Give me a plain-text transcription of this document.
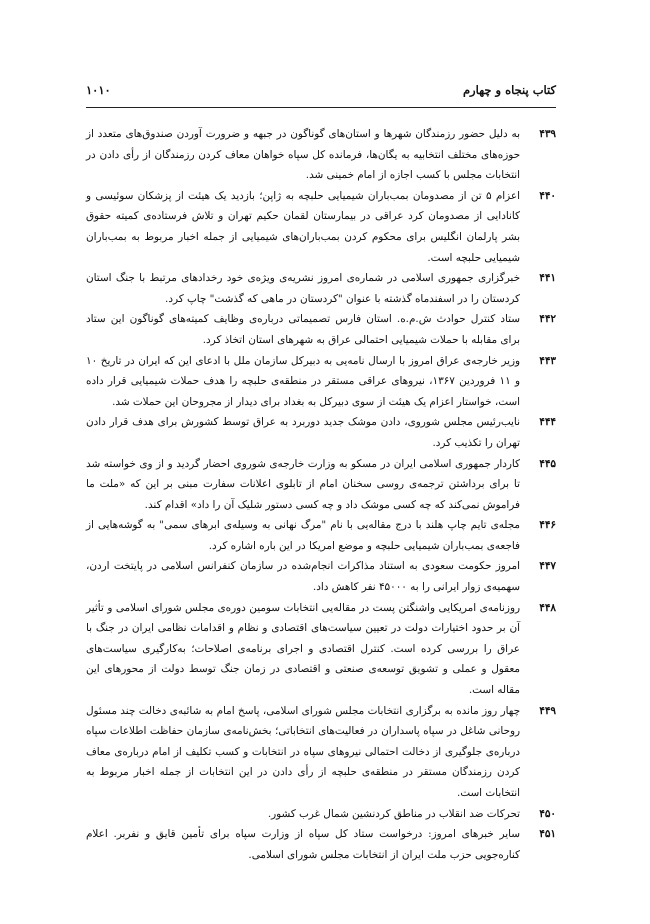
کتاب پنجاه و چهارم
۱۰۱۰
۴۳۹
به دلیل حضور رزمندگان شهرها و استان‌های گوناگون در جبهه و ضرورت آوردن صندوق‌های متعدد از حوزه‌های مختلف انتخابیه به یگان‌ها، فرمانده کل سپاه خواهان معاف کردن رزمندگان از رأی دادن در انتخابات مجلس با کسب اجازه از امام خمینی شد.
۴۴۰
اعزام ۵ تن از مصدومان بمب‌باران شیمیایی حلبچه به ژاپن؛ بازدید یک هیئت از پزشکان سوئیسی و کانادایی از مصدومان کرد عراقی در بیمارستان لقمان حکیم تهران و تلاش فرستاده‌ی کمیته حقوق بشر پارلمان انگلیس برای محکوم کردن بمب‌باران‌های شیمیایی از جمله اخبار مربوط به بمب‌باران شیمیایی حلبچه است.
۴۴۱
خبرگزاری جمهوری اسلامی در شماره‌ی امروز نشریه‌ی ویژه‌ی خود رخدادهای مرتبط با جنگ استان کردستان را در اسفندماه گذشته با عنوان "کردستان در ماهی که گذشت" چاپ کرد.
۴۴۲
ستاد کنترل حوادث ش.م.ه. استان فارس تصمیماتی درباره‌ی وظایف کمیته‌های گوناگون این ستاد برای مقابله با حملات شیمیایی احتمالی عراق به شهرهای استان اتخاذ کرد.
۴۴۳
وزیر خارجه‌ی عراق امروز با ارسال نامه‌یی به دبیرکل سازمان ملل با ادعای این که ایران در تاریخ ۱۰ و ۱۱ فروردین ۱۳۶۷، نیروهای عراقی مستقر در منطقه‌ی حلبچه را هدف حملات شیمیایی قرار داده است، خواستار اعزام یک هیئت از سوی دبیرکل به بغداد برای دیدار از مجروحان این حملات شد.
۴۴۴
نایب‌رئیس مجلس شوروی، دادن موشک جدید دوربرد به عراق توسط کشورش برای هدف قرار دادن تهران را تکذیب کرد.
۴۴۵
کاردار جمهوری اسلامی ایران در مسکو به وزارت خارجه‌ی شوروی احضار گردید و از وی خواسته شد تا برای برداشتن ترجمه‌ی روسی سخنان امام از تابلوی اعلانات سفارت مبنی بر این که «ملت ما فراموش نمی‌کند که چه کسی موشک داد و چه کسی دستور شلیک آن را داد» اقدام کند.
۴۴۶
مجله‌ی تایم چاپ هلند با درج مقاله‌یی با نام "مرگ نهانی به وسیله‌ی ابرهای سمی" به گوشه‌هایی از فاجعه‌ی بمب‌باران شیمیایی حلبچه و موضع امریکا در این باره اشاره کرد.
۴۴۷
امروز حکومت سعودی به استناد مذاکرات انجام‌شده در سازمان کنفرانس اسلامی در پایتخت اردن، سهمیه‌ی زوار ایرانی را به ۴۵۰۰۰ نفر کاهش داد.
۴۴۸
روزنامه‌ی امریکایی واشنگتن پست در مقاله‌یی انتخابات سومین دوره‌ی مجلس شورای اسلامی و تأثیر آن بر حدود اختیارات دولت در تعیین سیاست‌های اقتصادی و نظام و اقدامات نظامی ایران در جنگ با عراق را بررسی کرده است. کنترل اقتصادی و اجرای برنامه‌ی اصلاحات؛ به‌کارگیری سیاست‌های معقول و عملی و تشویق توسعه‌ی صنعتی و اقتصادی در زمان جنگ توسط دولت از محورهای این مقاله است.
۴۴۹
چهار روز مانده به برگزاری انتخابات مجلس شورای اسلامی، پاسخ امام به شائبه‌ی دخالت چند مسئول روحانی شاغل در سپاه پاسداران در فعالیت‌های انتخاباتی؛ بخش‌نامه‌ی سازمان حفاظت اطلاعات سپاه درباره‌ی جلوگیری از دخالت احتمالی نیروهای سپاه در انتخابات و کسب تکلیف از امام درباره‌ی معاف کردن رزمندگان مستقر در منطقه‌ی حلبچه از رأی دادن در این انتخابات از جمله اخبار مربوط به انتخابات است.
۴۵۰
تحرکات ضد انقلاب در مناطق کردنشین شمال غرب کشور.
۴۵۱
سایر خبرهای امروز: درخواست ستاد کل سپاه از وزارت سپاه برای تأمین قایق و نفربر. اعلام کناره‌جویی حزب ملت ایران از انتخابات مجلس شورای اسلامی.
